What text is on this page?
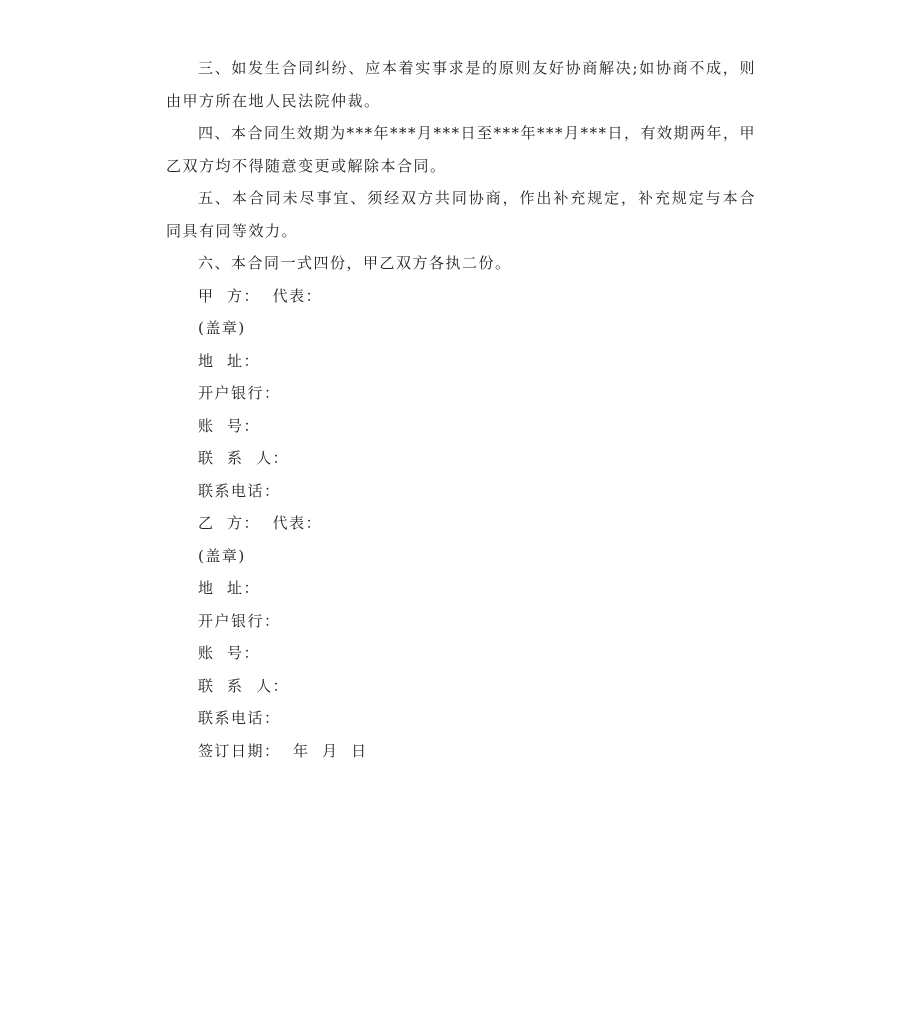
三、如发生合同纠纷、应本着实事求是的原则友好协商解决;如协商不成，则由甲方所在地人民法院仲裁。

四、本合同生效期为***年***月***日至***年***月***日，有效期两年，甲乙双方均不得随意变更或解除本合同。

五、本合同未尽事宜、须经双方共同协商，作出补充规定，补充规定与本合同具有同等效力。

六、本合同一式四份，甲乙双方各执二份。

甲  方：  代表：

(盖章)

地  址：

开户银行：

账  号：

联  系  人：

联系电话：

乙  方：  代表：

(盖章)

地  址：

开户银行：

账  号：

联  系  人：

联系电话：

签订日期：  年  月  日
